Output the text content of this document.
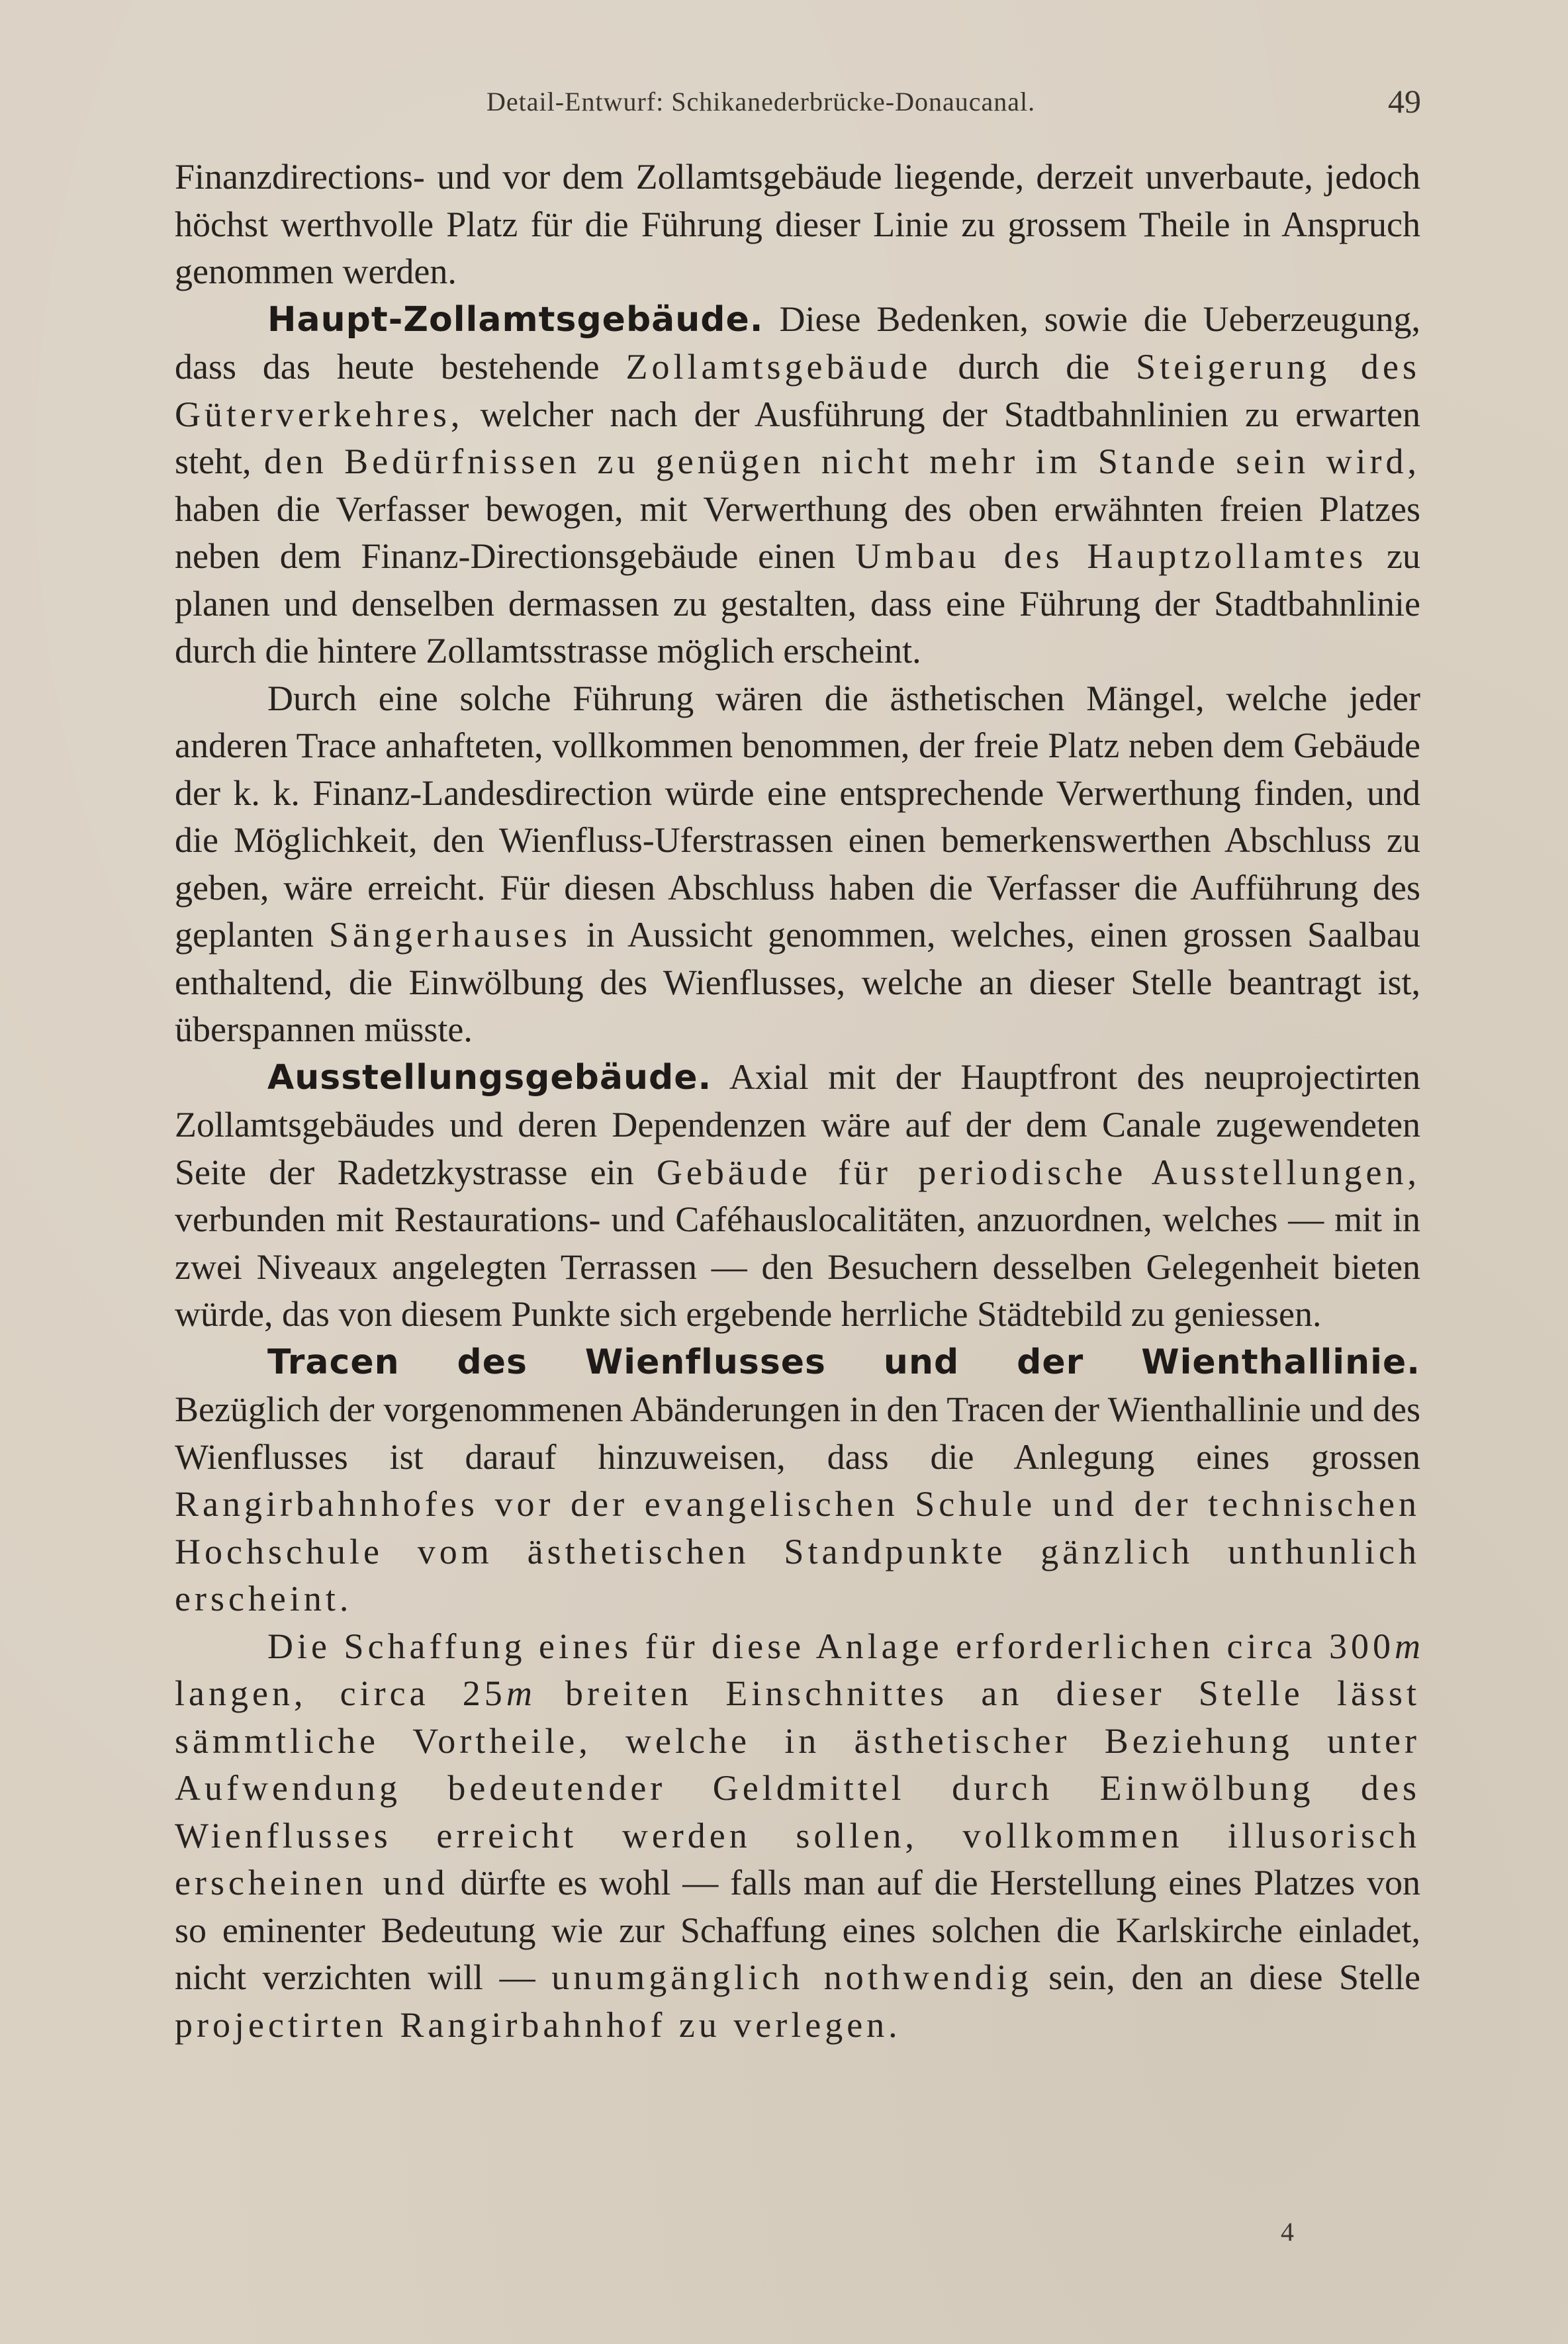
Detail-Entwurf: Schikanederbrücke-Donaucanal.	49

Finanzdirections- und vor dem Zollamtsgebäude liegende, derzeit unverbaute, jedoch höchst werthvolle Platz für die Führung dieser Linie zu grossem Theile in Anspruch genommen werden.

Haupt-Zollamtsgebäude. Diese Bedenken, sowie die Ueberzeugung, dass das heute bestehende Zollamtsgebäude durch die Steigerung des Güterverkehres, welcher nach der Ausführung der Stadtbahnlinien zu erwarten steht, den Bedürfnissen zu genügen nicht mehr im Stande sein wird, haben die Verfasser bewogen, mit Verwerthung des oben erwähnten freien Platzes neben dem Finanz-Directionsgebäude einen Umbau des Hauptzollamtes zu planen und denselben dermassen zu gestalten, dass eine Führung der Stadtbahnlinie durch die hintere Zollamtsstrasse möglich erscheint.

Durch eine solche Führung wären die ästhetischen Mängel, welche jeder anderen Trace anhafteten, vollkommen benommen, der freie Platz neben dem Gebäude der k. k. Finanz-Landesdirection würde eine entsprechende Verwerthung finden, und die Möglichkeit, den Wienfluss-Uferstrassen einen bemerkenswerthen Abschluss zu geben, wäre erreicht. Für diesen Abschluss haben die Verfasser die Aufführung des geplanten Sängerhauses in Aussicht genommen, welches, einen grossen Saalbau enthaltend, die Einwölbung des Wienflusses, welche an dieser Stelle beantragt ist, überspannen müsste.

Ausstellungsgebäude. Axial mit der Hauptfront des neuprojectirten Zollamtsgebäudes und deren Dependenzen wäre auf der dem Canale zugewendeten Seite der Radetzkystrasse ein Gebäude für periodische Ausstellungen, verbunden mit Restaurations- und Caféhauslocalitäten, anzuordnen, welches — mit in zwei Niveaux angelegten Terrassen — den Besuchern desselben Gelegenheit bieten würde, das von diesem Punkte sich ergebende herrliche Städtebild zu geniessen.

Tracen des Wienflusses und der Wienthallinie.

Bezüglich der vorgenommenen Abänderungen in den Tracen der Wienthallinie und des Wienflusses ist darauf hinzuweisen, dass die Anlegung eines grossen Rangirbahnhofes vor der evangelischen Schule und der technischen Hochschule vom ästhetischen Standpunkte gänzlich unthunlich erscheint.

Die Schaffung eines für diese Anlage erforderlichen circa 300m langen, circa 25m breiten Einschnittes an dieser Stelle lässt sämmtliche Vortheile, welche in ästhetischer Beziehung unter Aufwendung bedeutender Geldmittel durch Einwölbung des Wienflusses erreicht werden sollen, vollkommen illusorisch erscheinen und dürfte es wohl — falls man auf die Herstellung eines Platzes von so eminenter Bedeutung wie zur Schaffung eines solchen die Karlskirche einladet, nicht verzichten will — unumgänglich nothwendig sein, den an diese Stelle projectirten Rangirbahnhof zu verlegen.

4
